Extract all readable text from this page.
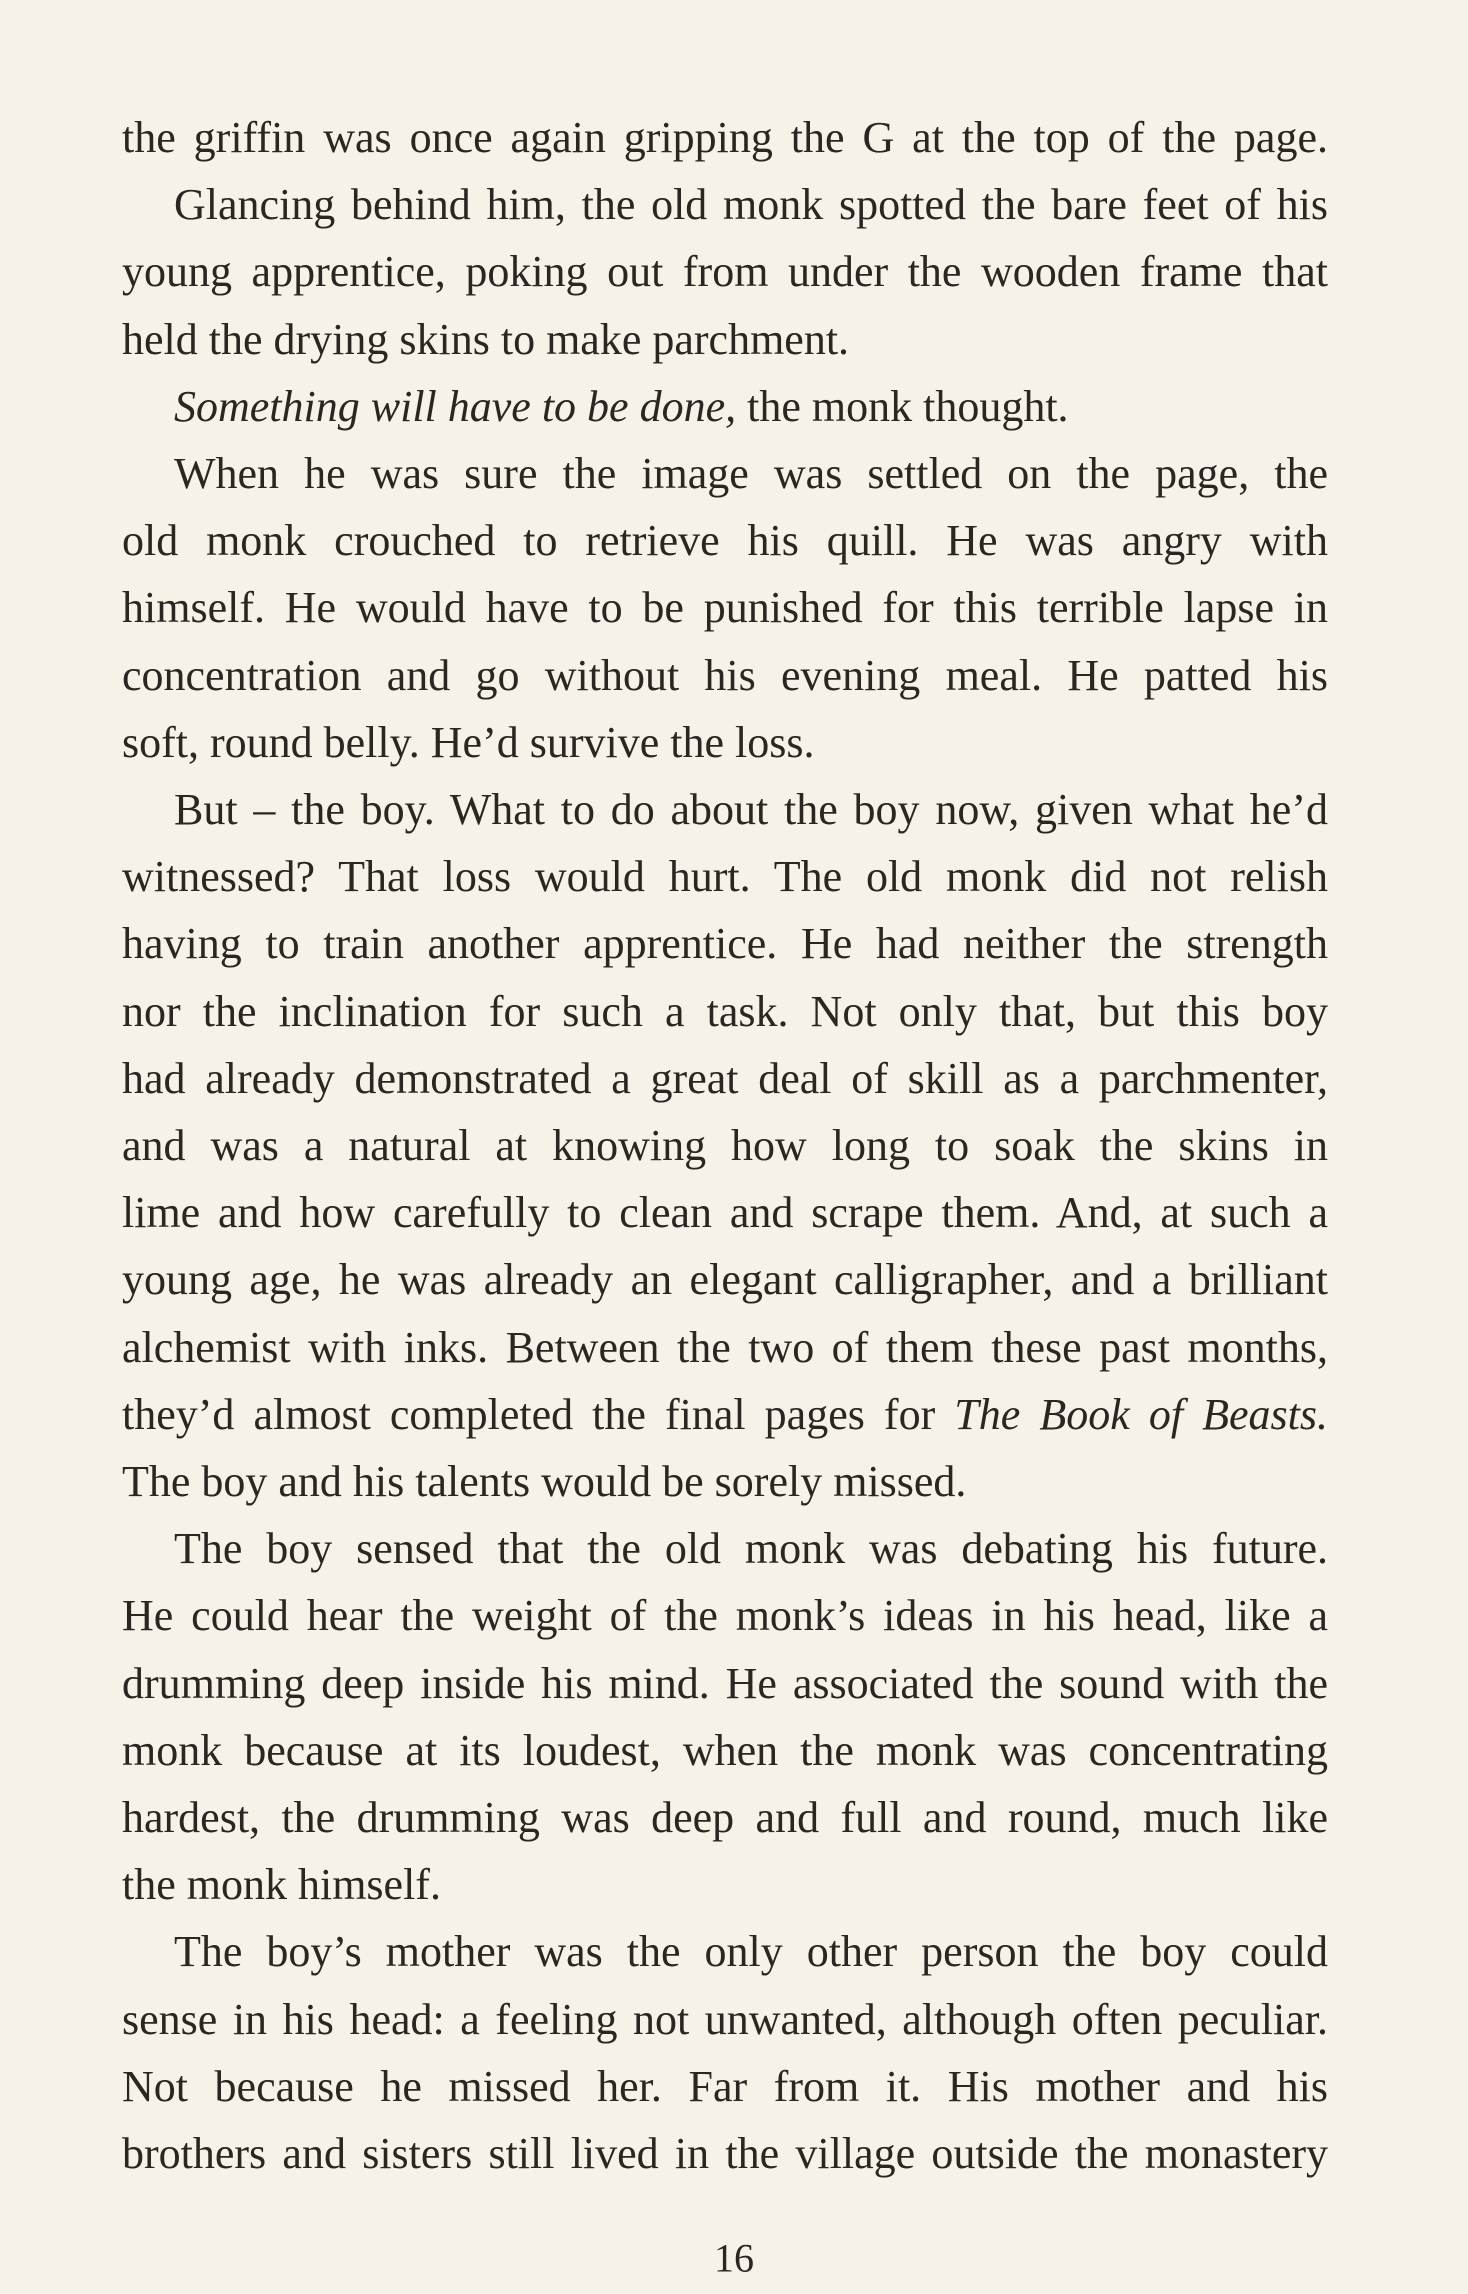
the griffin was once again gripping the G at the top of the page.
Glancing behind him, the old monk spotted the bare feet of his
young apprentice, poking out from under the wooden frame that
held the drying skins to make parchment.
Something will have to be done, the monk thought.
When he was sure the image was settled on the page, the
old monk crouched to retrieve his quill. He was angry with
himself. He would have to be punished for this terrible lapse in
concentration and go without his evening meal. He patted his
soft, round belly. He’d survive the loss.
But – the boy. What to do about the boy now, given what he’d
witnessed? That loss would hurt. The old monk did not relish
having to train another apprentice. He had neither the strength
nor the inclination for such a task. Not only that, but this boy
had already demonstrated a great deal of skill as a parchmenter,
and was a natural at knowing how long to soak the skins in
lime and how carefully to clean and scrape them. And, at such a
young age, he was already an elegant calligrapher, and a brilliant
alchemist with inks. Between the two of them these past months,
they’d almost completed the final pages for The Book of Beasts.
The boy and his talents would be sorely missed.
The boy sensed that the old monk was debating his future.
He could hear the weight of the monk’s ideas in his head, like a
drumming deep inside his mind. He associated the sound with the
monk because at its loudest, when the monk was concentrating
hardest, the drumming was deep and full and round, much like
the monk himself.
The boy’s mother was the only other person the boy could
sense in his head: a feeling not unwanted, although often peculiar.
Not because he missed her. Far from it. His mother and his
brothers and sisters still lived in the village outside the monastery
16
